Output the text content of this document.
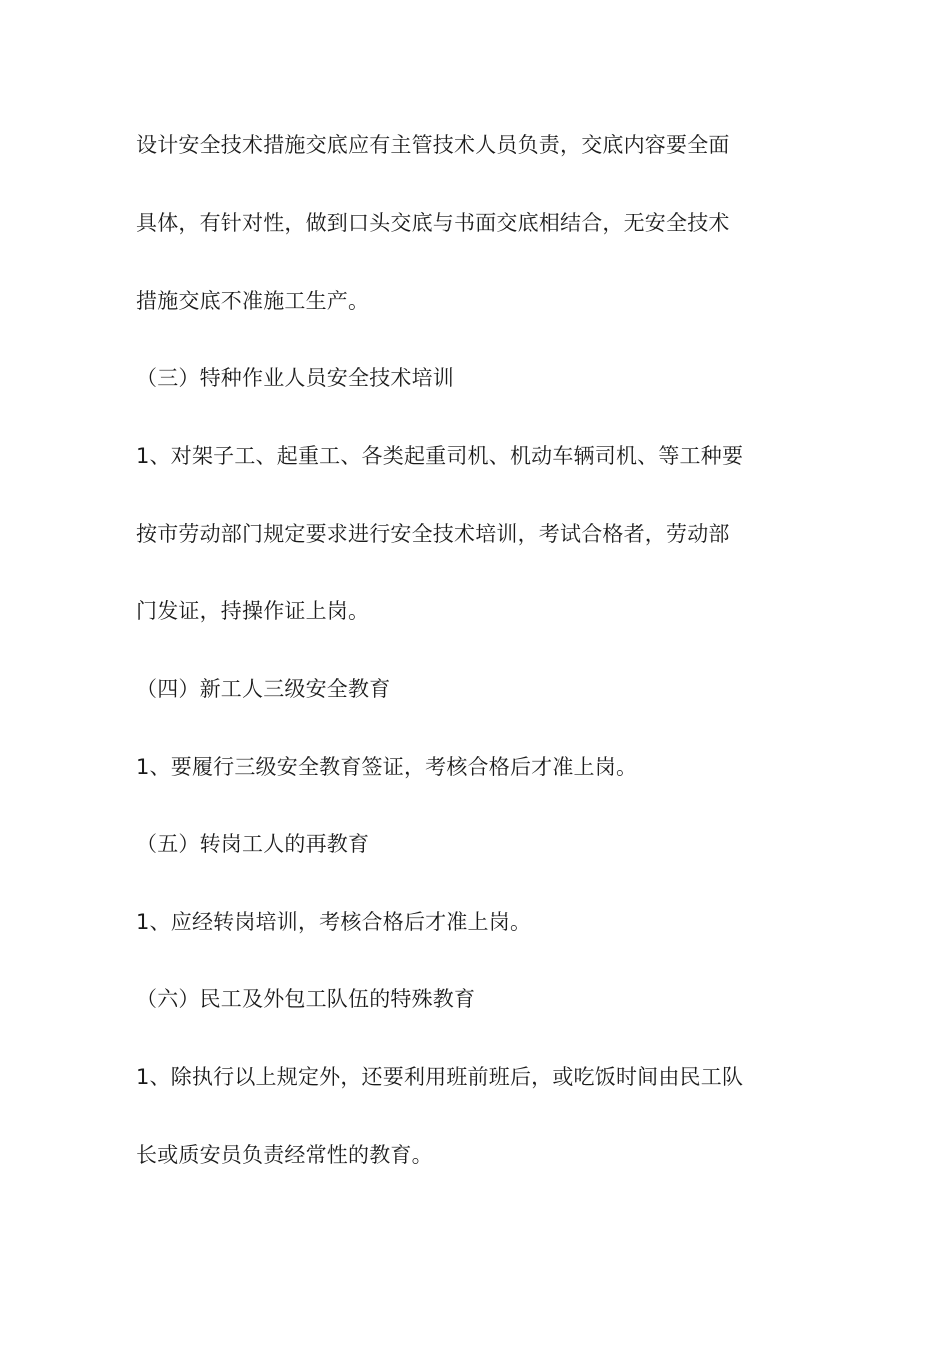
设计安全技术措施交底应有主管技术人员负责，交底内容要全面
具体，有针对性，做到口头交底与书面交底相结合，无安全技术
措施交底不准施工生产。
（三）特种作业人员安全技术培训
1、对架子工、起重工、各类起重司机、机动车辆司机、等工种要
按市劳动部门规定要求进行安全技术培训，考试合格者，劳动部
门发证，持操作证上岗。
（四）新工人三级安全教育
1、要履行三级安全教育签证，考核合格后才准上岗。
（五）转岗工人的再教育
1、应经转岗培训，考核合格后才准上岗。
（六）民工及外包工队伍的特殊教育
1、除执行以上规定外，还要利用班前班后，或吃饭时间由民工队
长或质安员负责经常性的教育。
